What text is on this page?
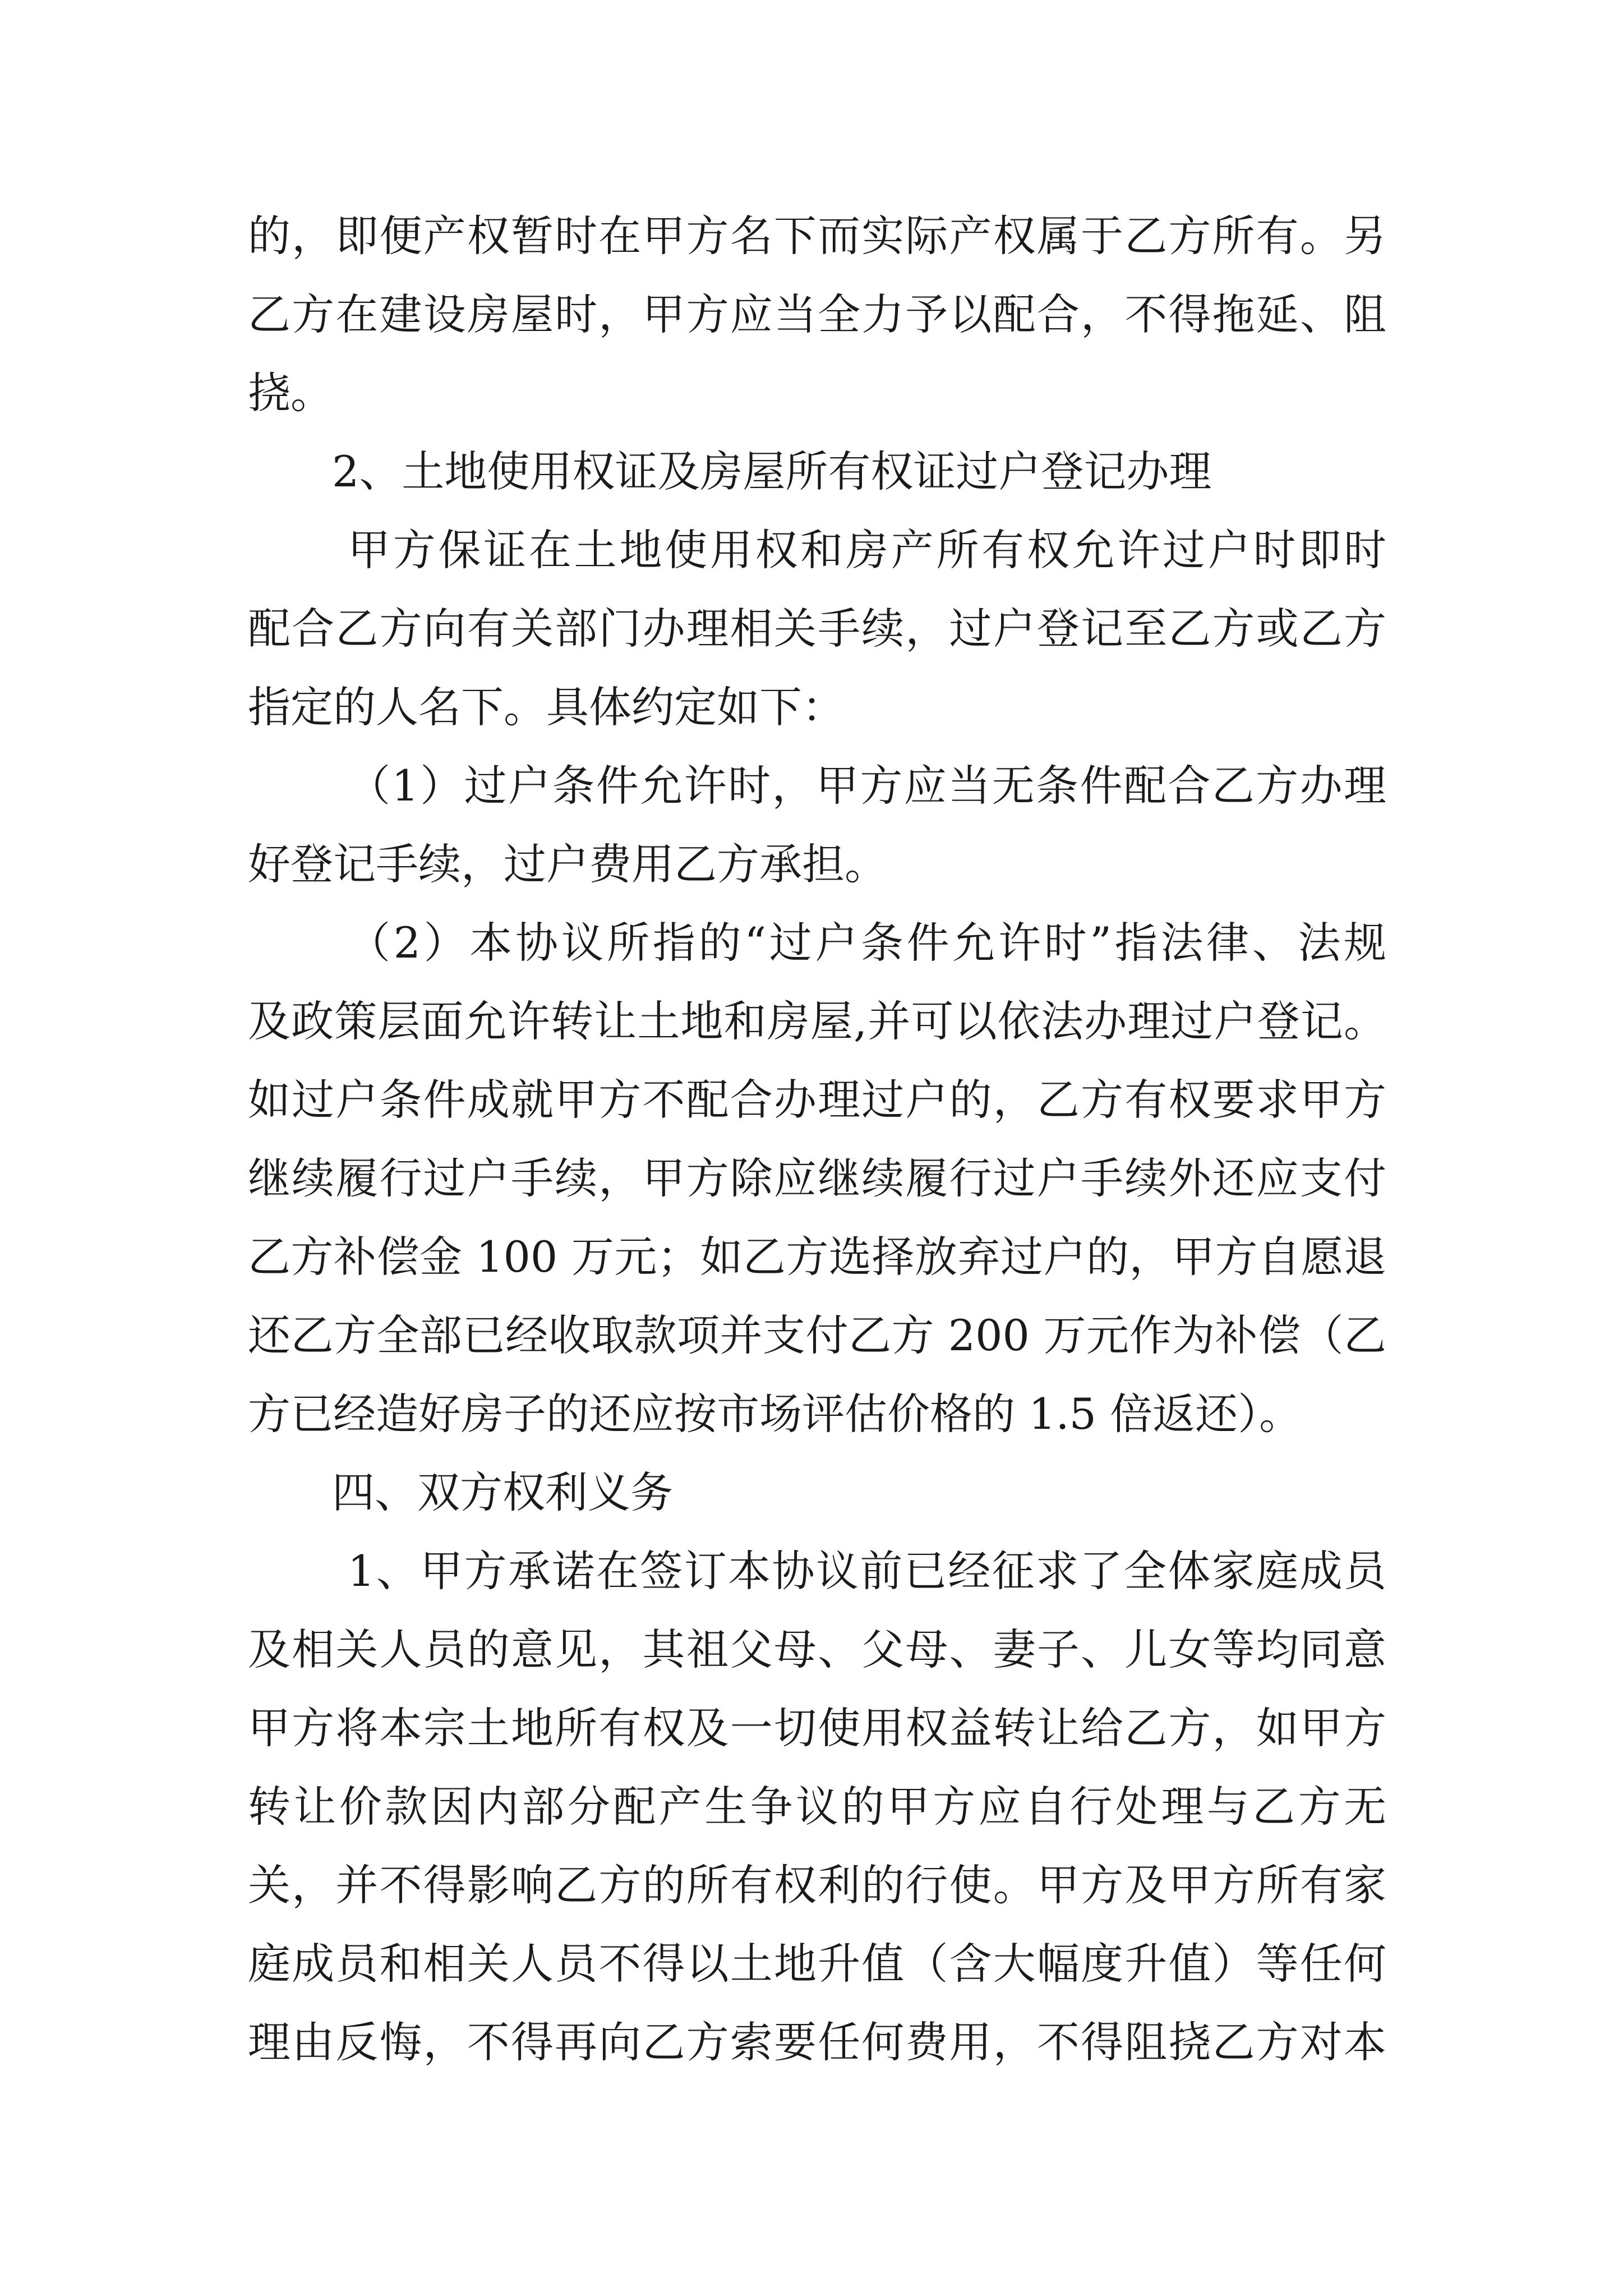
的，即便产权暂时在甲方名下而实际产权属于乙方所有。另
乙方在建设房屋时，甲方应当全力予以配合，不得拖延、阻
挠。
2、土地使用权证及房屋所有权证过户登记办理
甲方保证在土地使用权和房产所有权允许过户时即时
配合乙方向有关部门办理相关手续，过户登记至乙方或乙方
指定的人名下。具体约定如下：
（1）过户条件允许时，甲方应当无条件配合乙方办理
好登记手续，过户费用乙方承担。
（2）本协议所指的“过户条件允许时”指法律、法规
及政策层面允许转让土地和房屋,并可以依法办理过户登记。
如过户条件成就甲方不配合办理过户的，乙方有权要求甲方
继续履行过户手续，甲方除应继续履行过户手续外还应支付
乙方补偿金 100 万元；如乙方选择放弃过户的，甲方自愿退
还乙方全部已经收取款项并支付乙方 200 万元作为补偿（乙
方已经造好房子的还应按市场评估价格的 1.5 倍返还）。
四、双方权利义务
1、甲方承诺在签订本协议前已经征求了全体家庭成员
及相关人员的意见，其祖父母、父母、妻子、儿女等均同意
甲方将本宗土地所有权及一切使用权益转让给乙方，如甲方
转让价款因内部分配产生争议的甲方应自行处理与乙方无
关，并不得影响乙方的所有权利的行使。甲方及甲方所有家
庭成员和相关人员不得以土地升值（含大幅度升值）等任何
理由反悔，不得再向乙方索要任何费用，不得阻挠乙方对本
